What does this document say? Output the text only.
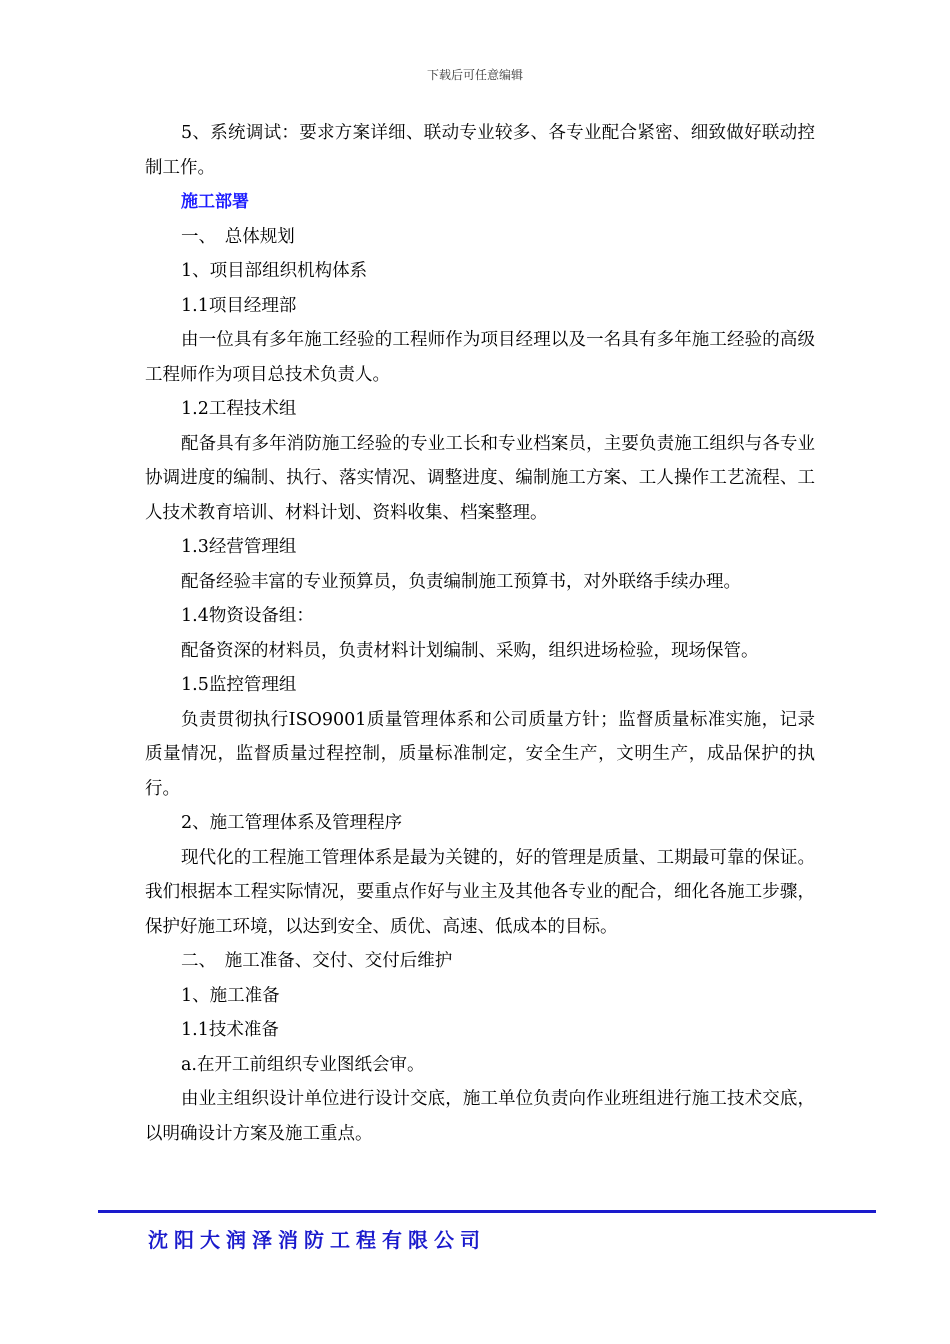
下载后可任意编辑

5、系统调试：要求方案详细、联动专业较多、各专业配合紧密、细致做好联动控制工作。

施工部署

一、　总体规划

1、项目部组织机构体系

1.1项目经理部

由一位具有多年施工经验的工程师作为项目经理以及一名具有多年施工经验的高级工程师作为项目总技术负责人。

1.2工程技术组

配备具有多年消防施工经验的专业工长和专业档案员，主要负责施工组织与各专业协调进度的编制、执行、落实情况、调整进度、编制施工方案、工人操作工艺流程、工人技术教育培训、材料计划、资料收集、档案整理。

1.3经营管理组

配备经验丰富的专业预算员，负责编制施工预算书，对外联络手续办理。

1.4物资设备组：

配备资深的材料员，负责材料计划编制、采购，组织进场检验，现场保管。

1.5监控管理组

负责贯彻执行ISO9001质量管理体系和公司质量方针；监督质量标准实施，记录质量情况，监督质量过程控制，质量标准制定，安全生产，文明生产，成品保护的执行。

2、施工管理体系及管理程序

现代化的工程施工管理体系是最为关键的，好的管理是质量、工期最可靠的保证。我们根据本工程实际情况，要重点作好与业主及其他各专业的配合，细化各施工步骤，保护好施工环境，以达到安全、质优、高速、低成本的目标。

二、　施工准备、交付、交付后维护

1、施工准备

1.1技术准备

a.在开工前组织专业图纸会审。

由业主组织设计单位进行设计交底，施工单位负责向作业班组进行施工技术交底，以明确设计方案及施工重点。

沈阳大润泽消防工程有限公司
